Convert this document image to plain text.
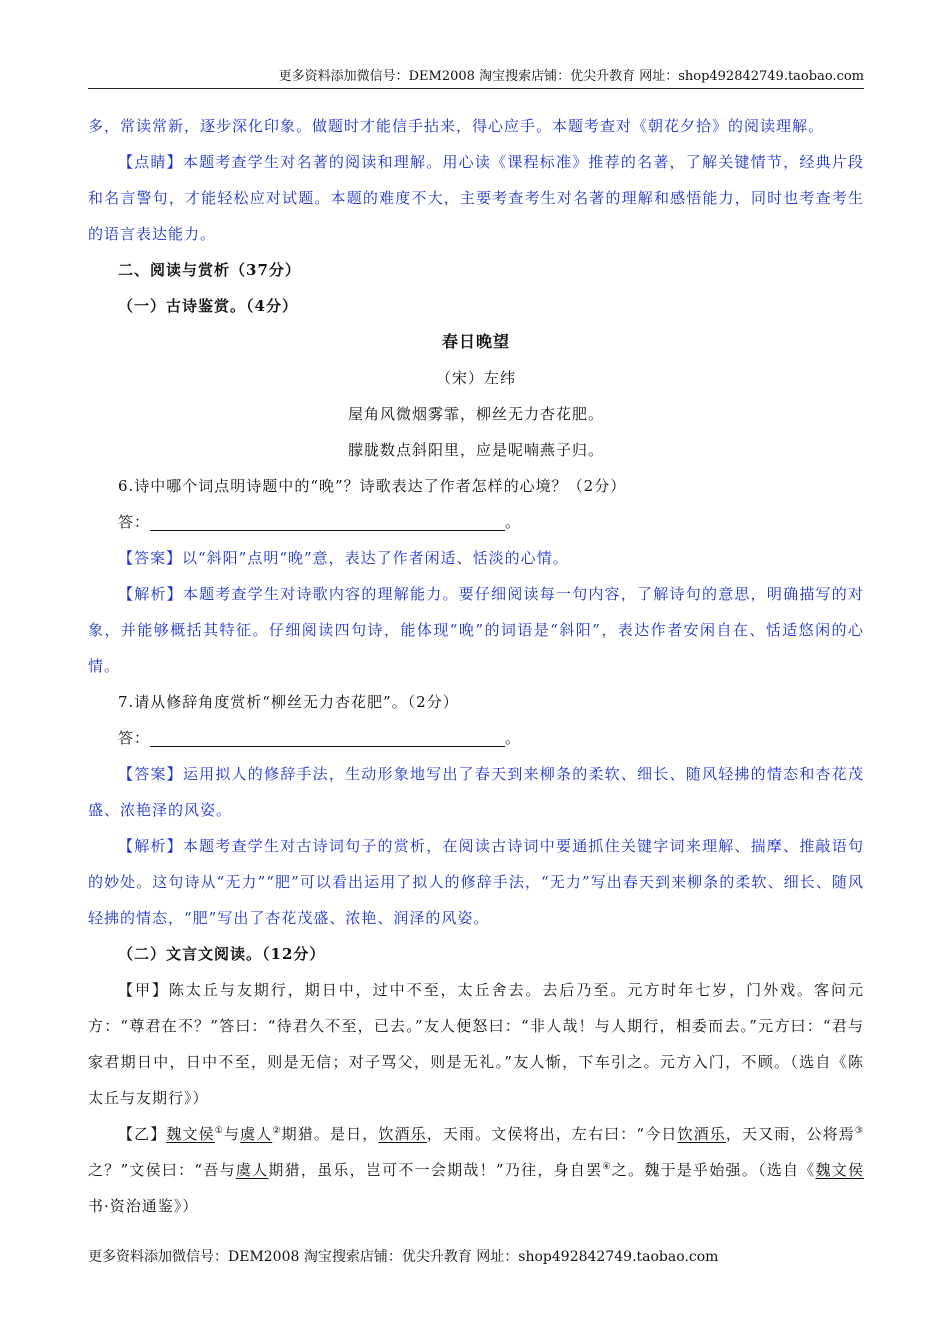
更多资料添加微信号：DEM2008 淘宝搜索店铺：优尖升教育 网址：shop492842749.taobao.com

多，常读常新，逐步深化印象。做题时才能信手拈来，得心应手。本题考查对《朝花夕拾》的阅读理解。

【点睛】本题考查学生对名著的阅读和理解。用心读《课程标准》推荐的名著，了解关键情节，经典片段和名言警句，才能轻松应对试题。本题的难度不大，主要考查考生对名著的理解和感悟能力，同时也考查考生的语言表达能力。

二、阅读与赏析（37分）

（一）古诗鉴赏。（4分）

春日晚望

（宋）左纬

屋角风微烟雾霏，柳丝无力杏花肥。

朦胧数点斜阳里，应是呢喃燕子归。

6.诗中哪个词点明诗题中的“晚”？诗歌表达了作者怎样的心境？（2分）

答：	。

【答案】以“斜阳”点明“晚”意，表达了作者闲适、恬淡的心情。

【解析】本题考查学生对诗歌内容的理解能力。要仔细阅读每一句内容，了解诗句的意思，明确描写的对象，并能够概括其特征。仔细阅读四句诗，能体现“晚”的词语是“斜阳”，表达作者安闲自在、恬适悠闲的心情。

7.请从修辞角度赏析“柳丝无力杏花肥”。（2分）

答：	。

【答案】运用拟人的修辞手法，生动形象地写出了春天到来柳条的柔软、细长、随风轻拂的情态和杏花茂盛、浓艳泽的风姿。

【解析】本题考查学生对古诗词句子的赏析，在阅读古诗词中要通抓住关键字词来理解、揣摩、推敲语句的妙处。这句诗从“无力”“肥”可以看出运用了拟人的修辞手法，“无力”写出春天到来柳条的柔软、细长、随风轻拂的情态，“肥”写出了杏花茂盛、浓艳、润泽的风姿。

（二）文言文阅读。（12分）

【甲】陈太丘与友期行，期日中，过中不至，太丘舍去。去后乃至。元方时年七岁，门外戏。客问元方：“尊君在不？”答曰：“待君久不至，已去。”友人便怒曰：“非人哉！与人期行，相委而去。”元方曰：“君与家君期日中，日中不至，则是无信；对子骂父，则是无礼。”友人惭，下车引之。元方入门，不顾。（选自《陈太丘与友期行》）

【乙】魏文侯①与虞人②期猎。是日，饮酒乐，天雨。文侯将出，左右曰：“今日饮酒乐，天又雨，公将焉③之？”文侯曰：“吾与虞人期猎，虽乐，岂可不一会期哉！”乃往，身自罢④之。魏于是乎始强。（选自《魏文侯书·资治通鉴》）

更多资料添加微信号：DEM2008 淘宝搜索店铺：优尖升教育 网址：shop492842749.taobao.com
